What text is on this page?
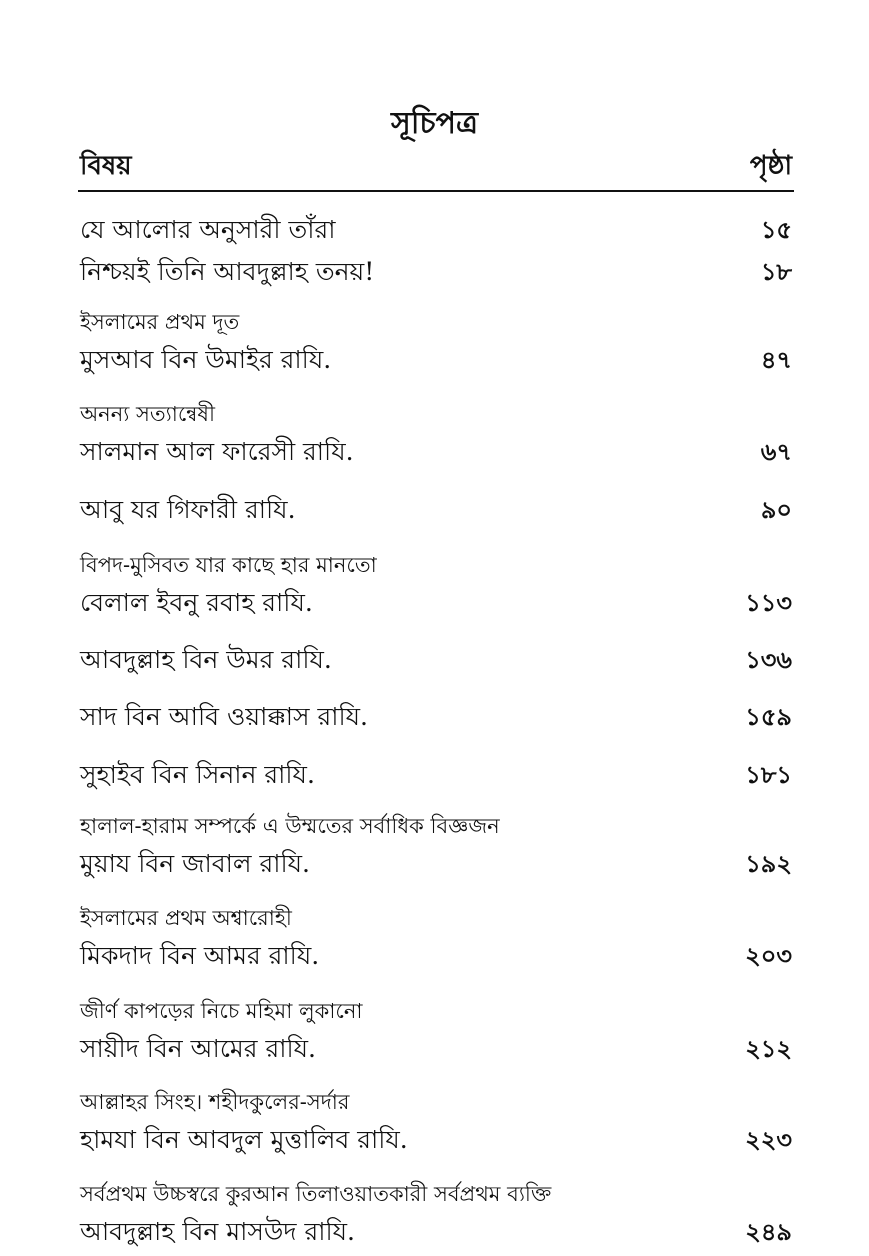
সূচিপত্র
বিষয়	পৃষ্ঠা
যে আলোর অনুসারী তাঁরা	১৫
নিশ্চয়ই তিনি আবদুল্লাহ তনয়!	১৮
ইসলামের প্রথম দূত
মুসআব বিন উমাইর রাযি.	৪৭
অনন্য সত্যান্বেষী
সালমান আল ফারেসী রাযি.	৬৭
আবু যর গিফারী রাযি.	৯০
বিপদ-মুসিবত যার কাছে হার মানতো
বেলাল ইবনু রবাহ রাযি.	১১৩
আবদুল্লাহ বিন উমর রাযি.	১৩৬
সাদ বিন আবি ওয়াক্কাস রাযি.	১৫৯
সুহাইব বিন সিনান রাযি.	১৮১
হালাল-হারাম সম্পর্কে এ উম্মতের সর্বাধিক বিজ্ঞজন
মুয়ায বিন জাবাল রাযি.	১৯২
ইসলামের প্রথম অশ্বারোহী
মিকদাদ বিন আমর রাযি.	২০৩
জীর্ণ কাপড়ের নিচে মহিমা লুকানো
সায়ীদ বিন আমের রাযি.	২১২
আল্লাহর সিংহ। শহীদকুলের-সর্দার
হামযা বিন আবদুল মুত্তালিব রাযি.	২২৩
সর্বপ্রথম উচ্চস্বরে কুরআন তিলাওয়াতকারী সর্বপ্রথম ব্যক্তি
আবদুল্লাহ বিন মাসউদ রাযি.	২৪৯
